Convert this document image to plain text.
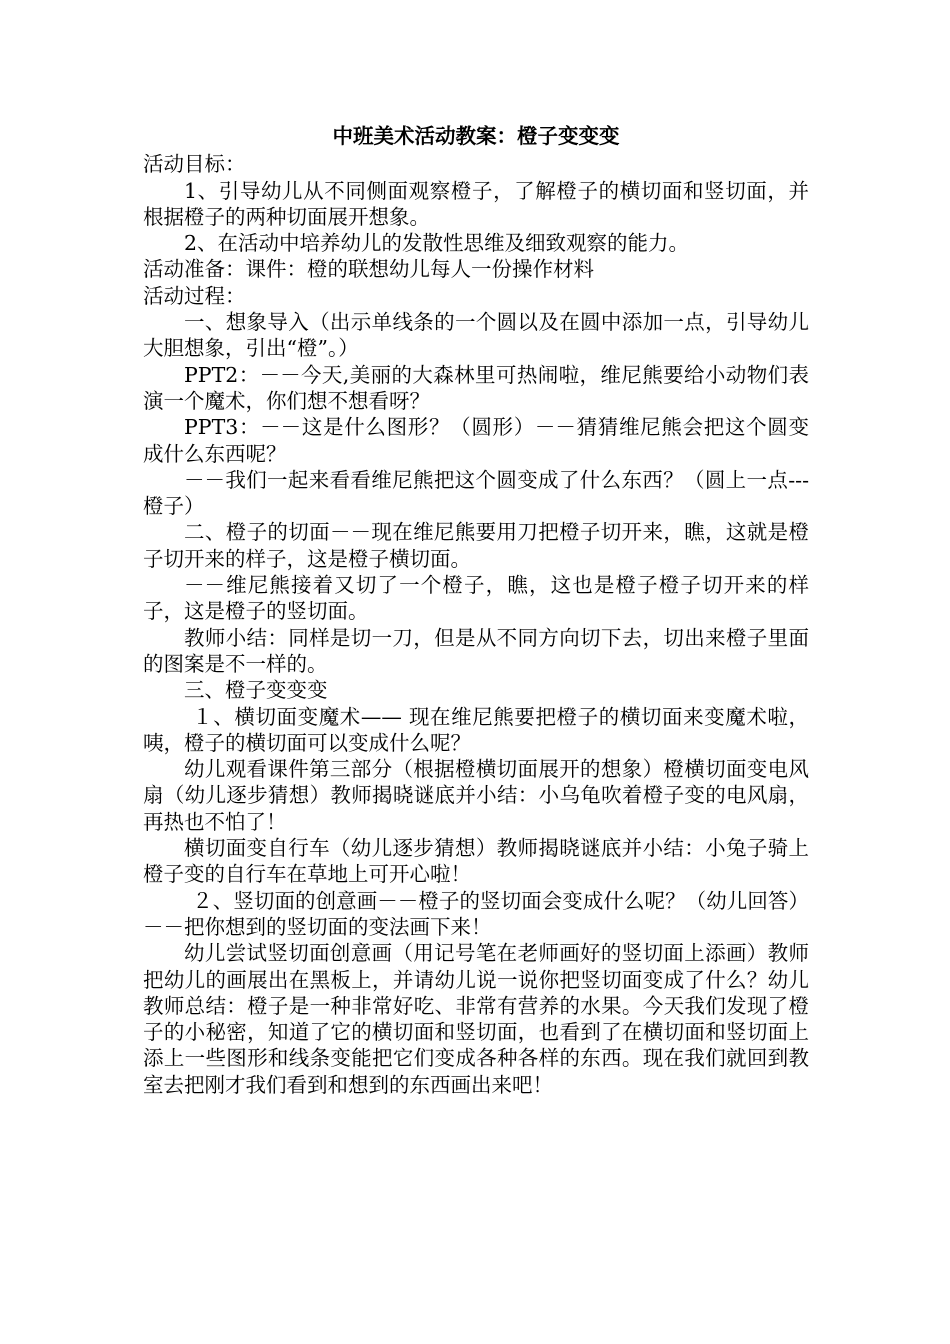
中班美术活动教案：橙子变变变

活动目标：

1、引导幼儿从不同侧面观察橙子，了解橙子的横切面和竖切面，并根据橙子的两种切面展开想象。

2、在活动中培养幼儿的发散性思维及细致观察的能力。

活动准备：课件：橙的联想幼儿每人一份操作材料

活动过程：

一、想象导入（出示单线条的一个圆以及在圆中添加一点，引导幼儿大胆想象，引出“橙”。）

PPT2：－－今天,美丽的大森林里可热闹啦，维尼熊要给小动物们表演一个魔术，你们想不想看呀？

PPT3：－－这是什么图形？（圆形）－－猜猜维尼熊会把这个圆变成什么东西呢？

－－我们一起来看看维尼熊把这个圆变成了什么东西？（圆上一点---橙子）

二、橙子的切面－－现在维尼熊要用刀把橙子切开来，瞧，这就是橙子切开来的样子，这是橙子横切面。

－－维尼熊接着又切了一个橙子，瞧，这也是橙子橙子切开来的样子，这是橙子的竖切面。

教师小结：同样是切一刀，但是从不同方向切下去，切出来橙子里面的图案是不一样的。

三、橙子变变变

１、横切面变魔术—— 现在维尼熊要把橙子的横切面来变魔术啦，咦，橙子的横切面可以变成什么呢？

幼儿观看课件第三部分（根据橙横切面展开的想象）橙横切面变电风扇（幼儿逐步猜想）教师揭晓谜底并小结：小乌龟吹着橙子变的电风扇，再热也不怕了！

横切面变自行车（幼儿逐步猜想）教师揭晓谜底并小结：小兔子骑上橙子变的自行车在草地上可开心啦！

２、竖切面的创意画－－橙子的竖切面会变成什么呢？（幼儿回答）－－把你想到的竖切面的变法画下来！

幼儿尝试竖切面创意画（用记号笔在老师画好的竖切面上添画）教师把幼儿的画展出在黑板上，并请幼儿说一说你把竖切面变成了什么？幼儿教师总结：橙子是一种非常好吃、非常有营养的水果。今天我们发现了橙子的小秘密，知道了它的横切面和竖切面，也看到了在横切面和竖切面上添上一些图形和线条变能把它们变成各种各样的东西。现在我们就回到教室去把刚才我们看到和想到的东西画出来吧！
